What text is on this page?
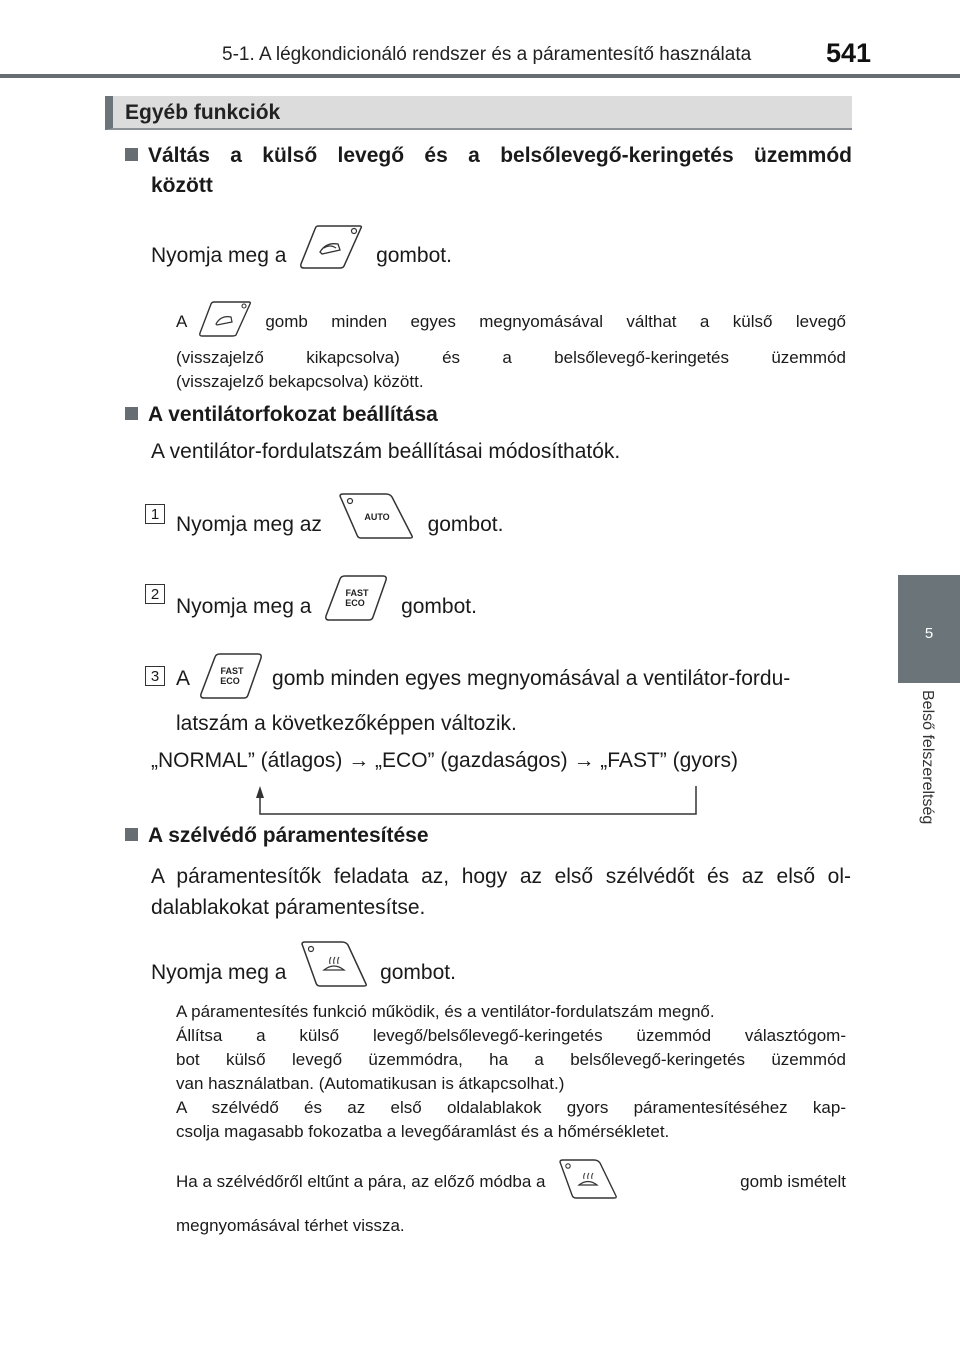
5-1. A légkondicionáló rendszer és a páramentesítő használata	541
5
Belső felszereltség
Egyéb funkciók
Váltás a külső levegő és a belsőlevegő-keringetés üzemmód
között
Nyomja meg a	gombot.
A	gomb minden egyes megnyomásával válthat a külső levegő
(visszajelző kikapcsolva) és a belsőlevegő-keringetés üzemmód
(visszajelző bekapcsolva) között.
A ventilátorfokozat beállítása
A ventilátor-fordulatszám beállításai módosíthatók.
1 Nyomja meg az	AUTO gombot.
2
Nyomja meg a
FAST
ECO gombot.
3 A	FAST
ECO gomb minden egyes megnyomásával a ventilátor-fordu-
latszám a következőképpen változik.
„NORMAL” (átlagos) → „ECO” (gazdaságos) → „FAST” (gyors)
A szélvédő páramentesítése
A páramentesítők feladata az, hogy az első szélvédőt és az első ol-
dalablakokat páramentesítse.
Nyomja meg a	gombot.
A páramentesítés funkció működik, és a ventilátor-fordulatszám megnő.
Állítsa a külső levegő/belsőlevegő-keringetés üzemmód választógom-
bot külső levegő üzemmódra, ha a belsőlevegő-keringetés üzemmód
van használatban. (Automatikusan is átkapcsolhat.)
A szélvédő és az első oldalablakok gyors páramentesítéséhez kap-
csolja magasabb fokozatba a levegőáramlást és a hőmérsékletet.
Ha a szélvédőről eltűnt a pára, az előző módba a	gomb ismételt
megnyomásával térhet vissza.
